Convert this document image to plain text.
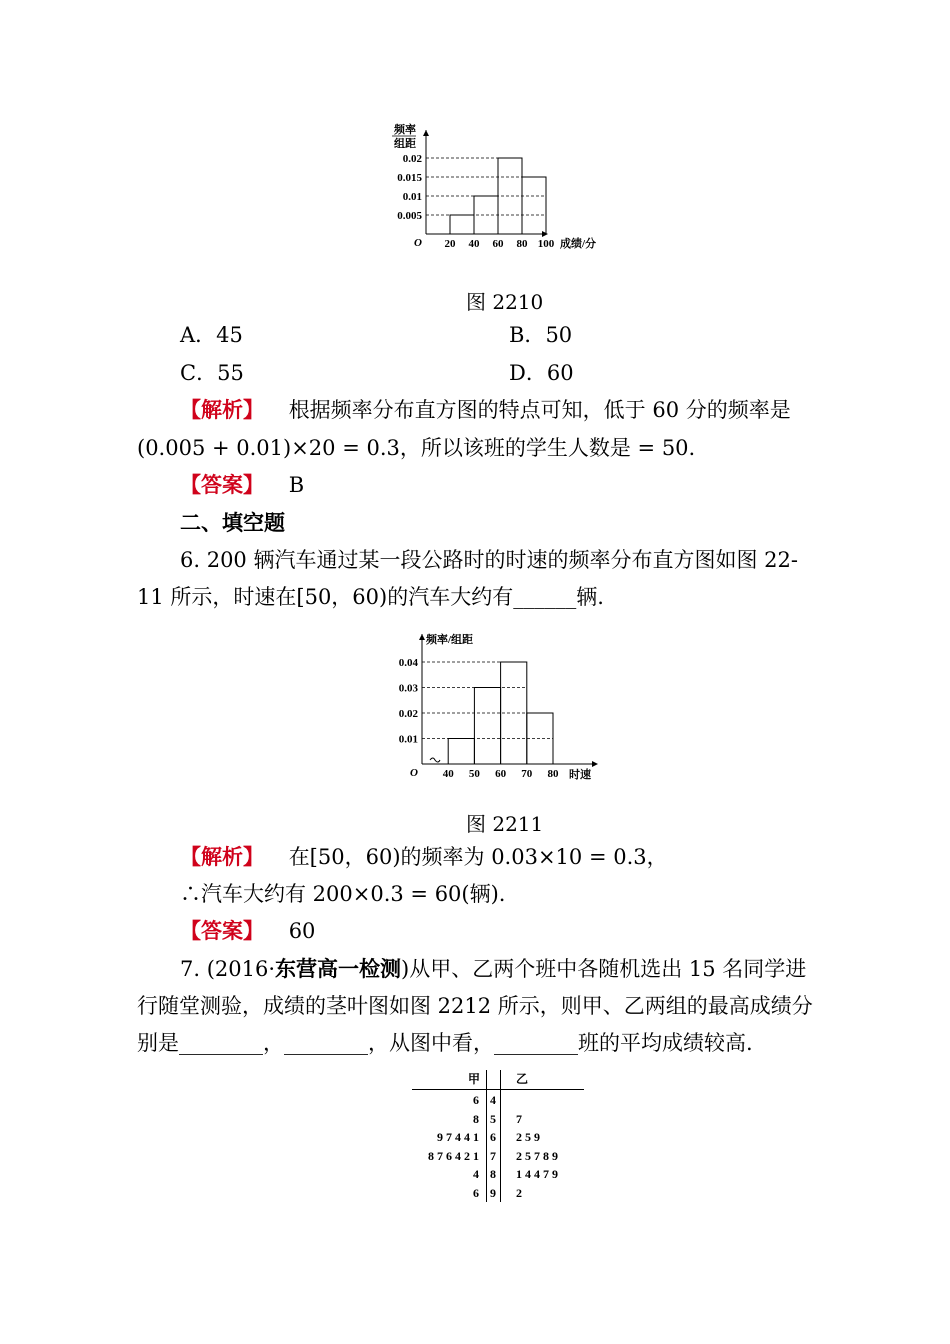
频率
组距
O
0.005
0.01
0.015
0.02
20 40 60 80 100 成绩/分
图 2210
A．45	B．50
C．55	D．60
【解析】 根据频率分布直方图的特点可知，低于 60 分的频率是
(0.005 + 0.01)×20 = 0.3，所以该班的学生人数是 = 50.
【答案】 B
二、填空题
6. 200 辆汽车通过某一段公路时的时速的频率分布直方图如图 22-
11 所示，时速在[50，60)的汽车大约有______辆.
频率/组距
O
0.01
0.02
0.03
0.04
40 50 60 70 80 时速
图 2211
【解析】 在[50，60)的频率为 0.03×10 = 0.3，
∴汽车大约有 200×0.3 = 60(辆).
【答案】 60
7. (2016·东营高一检测)从甲、乙两个班中各随机选出 15 名同学进
行随堂测验，成绩的茎叶图如图 2212 所示，则甲、乙两组的最高成绩分
别是________，________，从图中看，________班的平均成绩较高.
甲	乙
6 4
8 5	7
97441 6	259
876421 7	25789
4 8	14479
6 9	2
